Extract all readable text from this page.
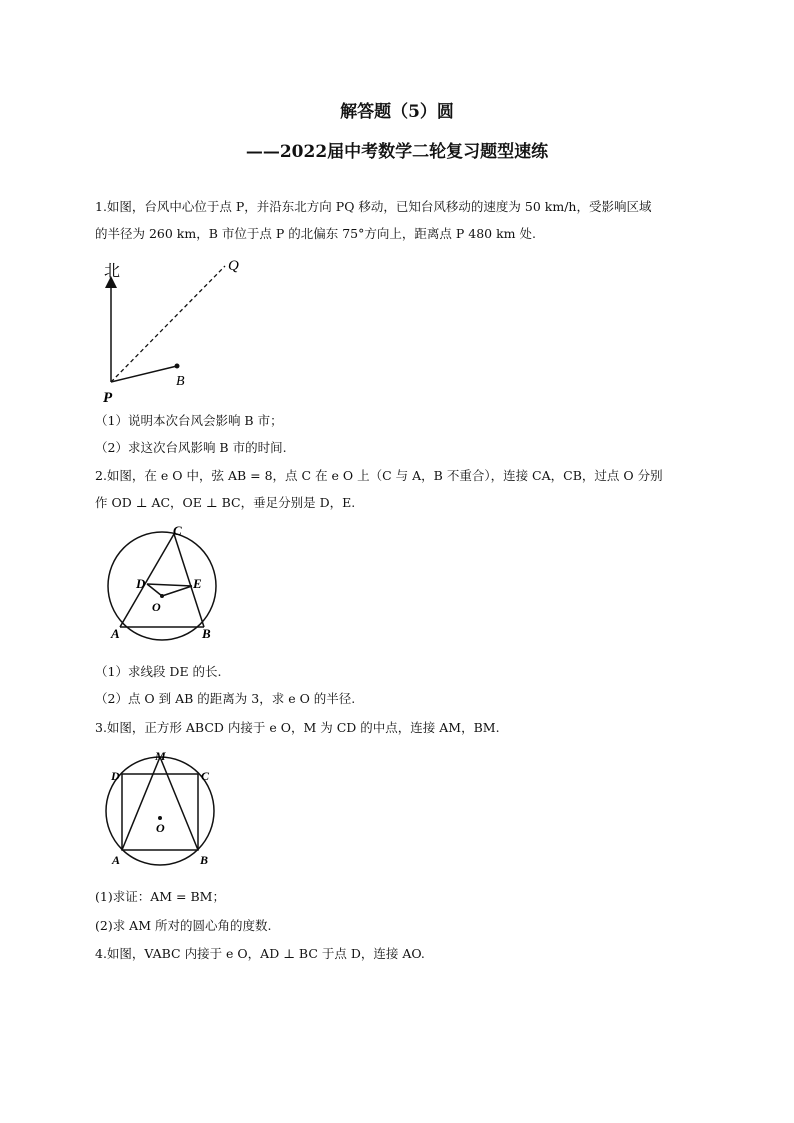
解答题（5）圆
——2022届中考数学二轮复习题型速练
1.如图，台风中心位于点 P，并沿东北方向 PQ 移动，已知台风移动的速度为 50 km/h，受影响区域
的半径为 260 km，B 市位于点 P 的北偏东 75°方向上，距离点 P 480 km 处.
北	Q
P
B
（1）说明本次台风会影响 B 市；
（2）求这次台风影响 B 市的时间.
2.如图，在 e O 中，弦 AB = 8，点 C 在 e O 上（C 与 A，B 不重合），连接 CA，CB，过点 O 分别
作 OD ⊥ AC，OE ⊥ BC，垂足分别是 D，E.
C
D	E
O
A	B
（1）求线段 DE 的长.
（2）点 O 到 AB 的距离为 3，求 e O 的半径.
3.如图，正方形 ABCD 内接于 e O，M 为 CD 的中点，连接 AM，BM.
M
D	C
O
A	B
(1)求证：AM = BM；
(2)求 AM 所对的圆心角的度数.
4.如图，VABC 内接于 e O，AD ⊥ BC 于点 D，连接 AO.
